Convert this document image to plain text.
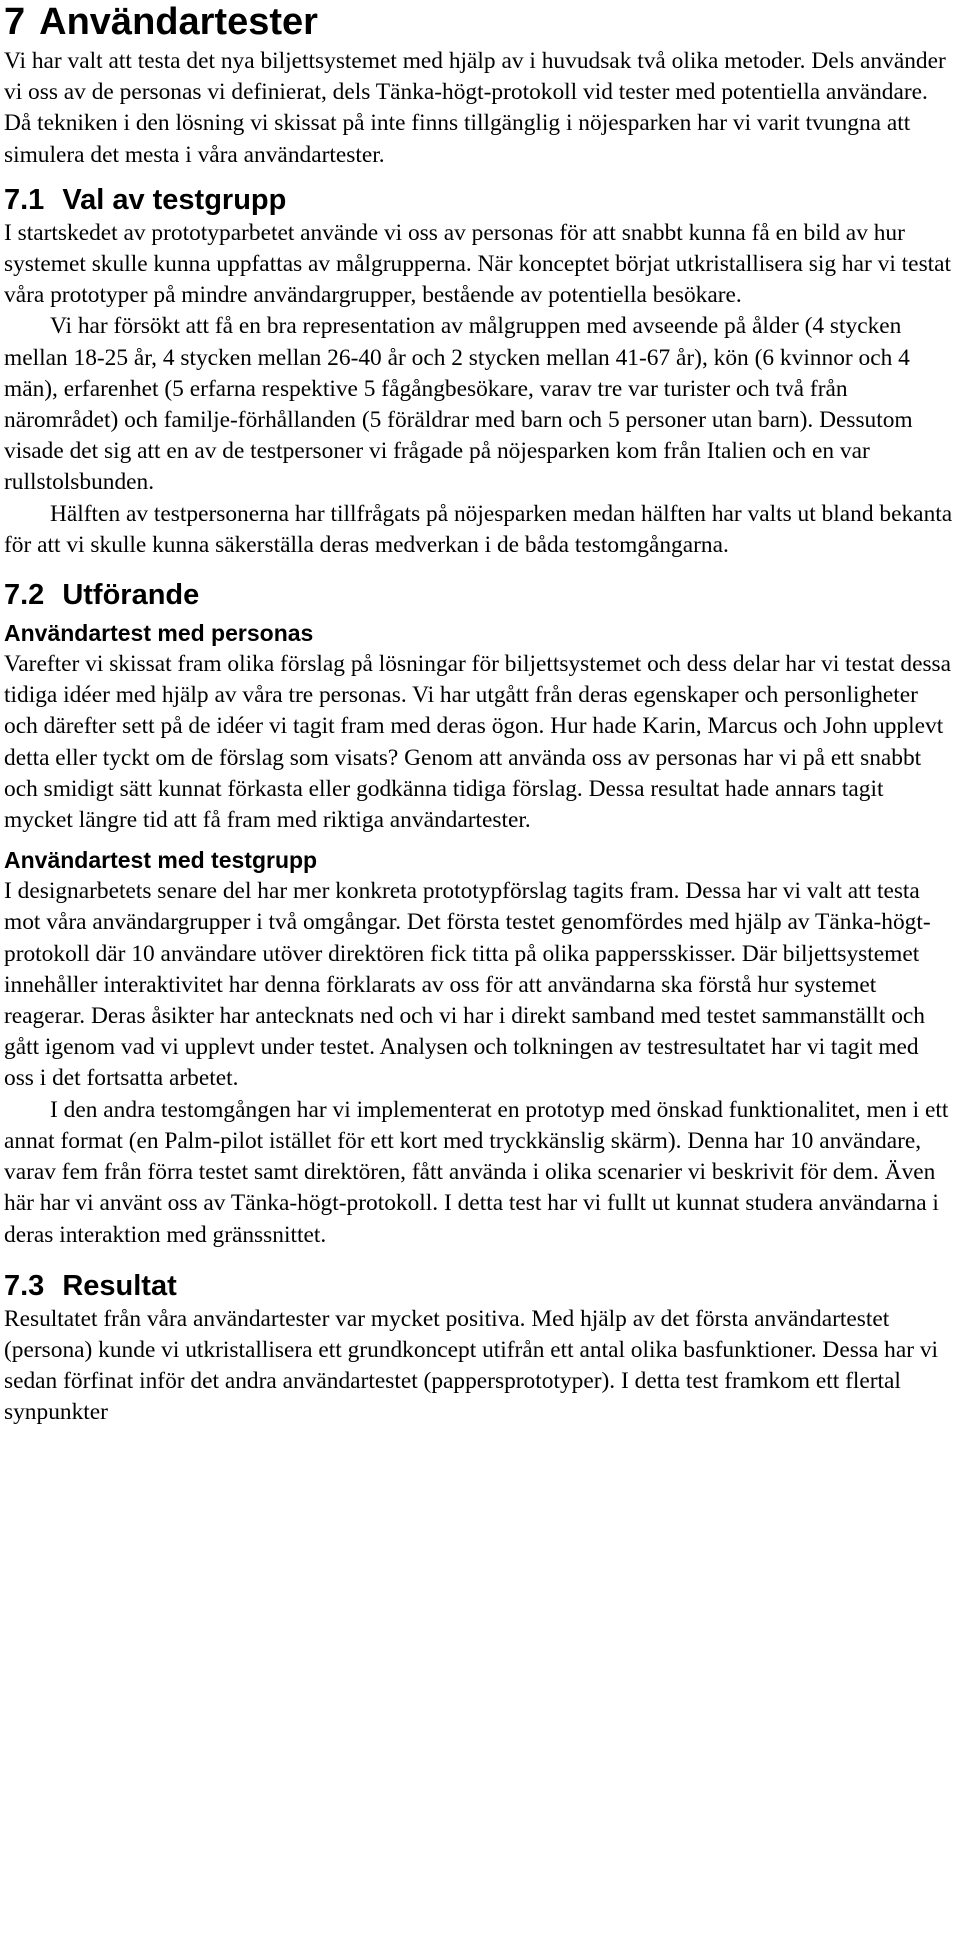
7 Användartester

Vi har valt att testa det nya biljettsystemet med hjälp av i huvudsak två olika metoder. Dels använder vi oss av de personas vi definierat, dels Tänka-högt-protokoll vid tester med potentiella användare. Då tekniken i den lösning vi skissat på inte finns tillgänglig i nöjesparken har vi varit tvungna att simulera det mesta i våra användartester.

7.1 Val av testgrupp

I startskedet av prototyparbetet använde vi oss av personas för att snabbt kunna få en bild av hur systemet skulle kunna uppfattas av målgrupperna. När konceptet börjat utkristallisera sig har vi testat våra prototyper på mindre användargrupper, bestående av potentiella besökare.

Vi har försökt att få en bra representation av målgruppen med avseende på ålder (4 stycken mellan 18-25 år, 4 stycken mellan 26-40 år och 2 stycken mellan 41-67 år), kön (6 kvinnor och 4 män), erfarenhet (5 erfarna respektive 5 fågångbesökare, varav tre var turister och två från närområdet) och familje-förhållanden (5 föräldrar med barn och 5 personer utan barn). Dessutom visade det sig att en av de testpersoner vi frågade på nöjesparken kom från Italien och en var rullstolsbunden.

Hälften av testpersonerna har tillfrågats på nöjesparken medan hälften har valts ut bland bekanta för att vi skulle kunna säkerställa deras medverkan i de båda testomgångarna.

7.2 Utförande
Användartest med personas

Varefter vi skissat fram olika förslag på lösningar för biljettsystemet och dess delar har vi testat dessa tidiga idéer med hjälp av våra tre personas. Vi har utgått från deras egenskaper och personligheter och därefter sett på de idéer vi tagit fram med deras ögon. Hur hade Karin, Marcus och John upplevt detta eller tyckt om de förslag som visats? Genom att använda oss av personas har vi på ett snabbt och smidigt sätt kunnat förkasta eller godkänna tidiga förslag. Dessa resultat hade annars tagit mycket längre tid att få fram med riktiga användartester.

Användartest med testgrupp

I designarbetets senare del har mer konkreta prototypförslag tagits fram. Dessa har vi valt att testa mot våra användargrupper i två omgångar. Det första testet genomfördes med hjälp av Tänka-högt-protokoll där 10 användare utöver direktören fick titta på olika pappersskisser. Där biljettsystemet innehåller interaktivitet har denna förklarats av oss för att användarna ska förstå hur systemet reagerar. Deras åsikter har antecknats ned och vi har i direkt samband med testet sammanställt och gått igenom vad vi upplevt under testet. Analysen och tolkningen av testresultatet har vi tagit med oss i det fortsatta arbetet.

I den andra testomgången har vi implementerat en prototyp med önskad funktionalitet, men i ett annat format (en Palm-pilot istället för ett kort med tryckkänslig skärm). Denna har 10 användare, varav fem från förra testet samt direktören, fått använda i olika scenarier vi beskrivit för dem. Även här har vi använt oss av Tänka-högt-protokoll. I detta test har vi fullt ut kunnat studera användarna i deras interaktion med gränssnittet.

7.3 Resultat

Resultatet från våra användartester var mycket positiva. Med hjälp av det första användartestet (persona) kunde vi utkristallisera ett grundkoncept utifrån ett antal olika basfunktioner. Dessa har vi sedan förfinat inför det andra användartestet (pappersprototyper). I detta test framkom ett flertal synpunkter
